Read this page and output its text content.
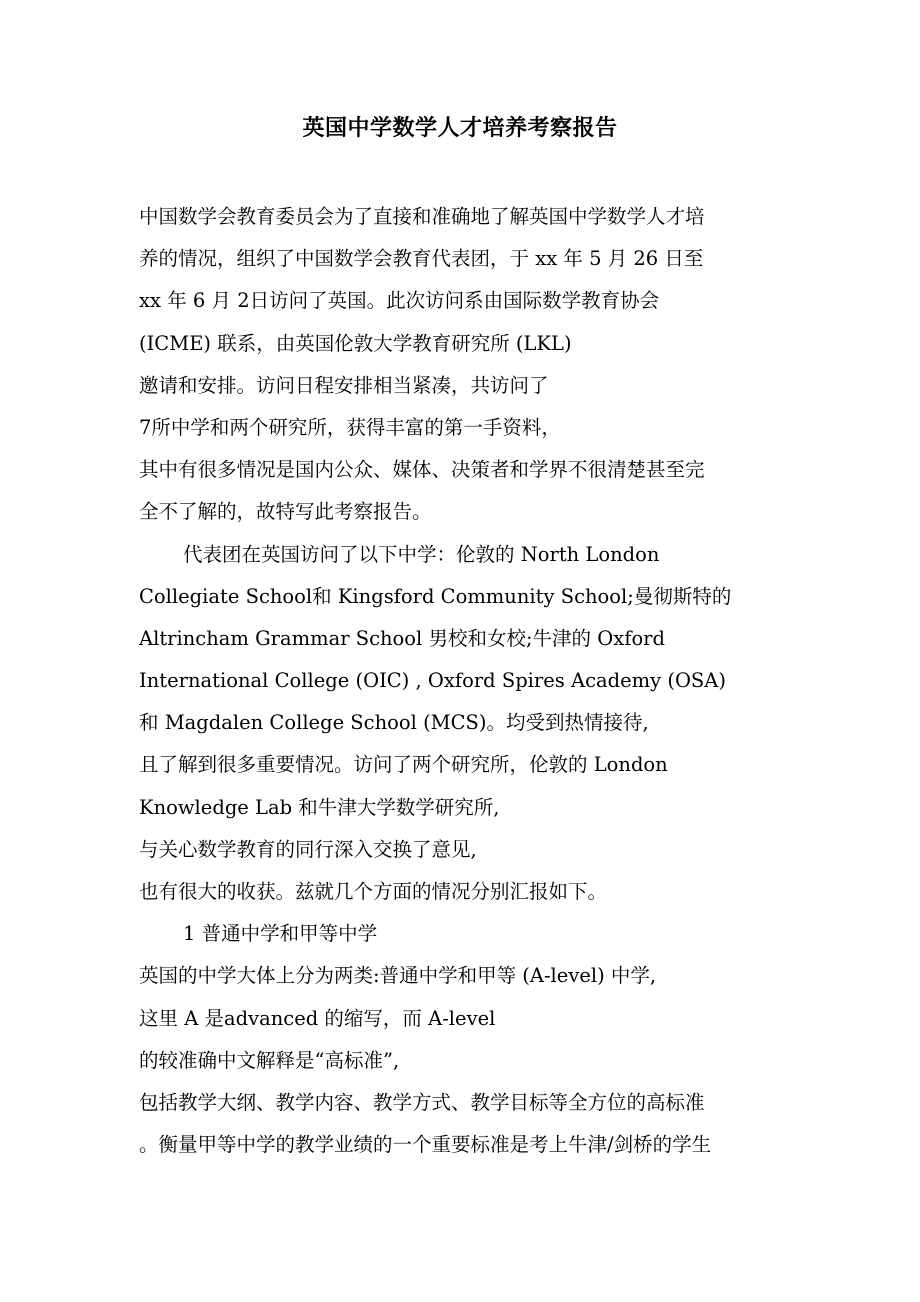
英国中学数学人才培养考察报告
中国数学会教育委员会为了直接和准确地了解英国中学数学人才培
养的情况，组织了中国数学会教育代表团，于 xx 年 5 月 26 日至
xx 年 6 月 2日访问了英国。此次访问系由国际数学教育协会
(ICME) 联系，由英国伦敦大学教育研究所 (LKL)
邀请和安排。访问日程安排相当紧凑，共访问了
7所中学和两个研究所，获得丰富的第一手资料，
其中有很多情况是国内公众、媒体、决策者和学界不很清楚甚至完
全不了解的，故特写此考察报告。
代表团在英国访问了以下中学：伦敦的 North London
Collegiate School和 Kingsford Community School;曼彻斯特的
Altrincham Grammar School 男校和女校;牛津的 Oxford
International College (OIC) , Oxford Spires Academy (OSA)
和 Magdalen College School (MCS)。均受到热情接待,
且了解到很多重要情况。访问了两个研究所，伦敦的 London
Knowledge Lab 和牛津大学数学研究所,
与关心数学教育的同行深入交换了意见,
也有很大的收获。兹就几个方面的情况分别汇报如下。
1 普通中学和甲等中学
英国的中学大体上分为两类:普通中学和甲等 (A-level) 中学,
这里 A 是advanced 的缩写，而 A-level
的较准确中文解释是“高标准”,
包括教学大纲、教学内容、教学方式、教学目标等全方位的高标准
。衡量甲等中学的教学业绩的一个重要标准是考上牛津/剑桥的学生
